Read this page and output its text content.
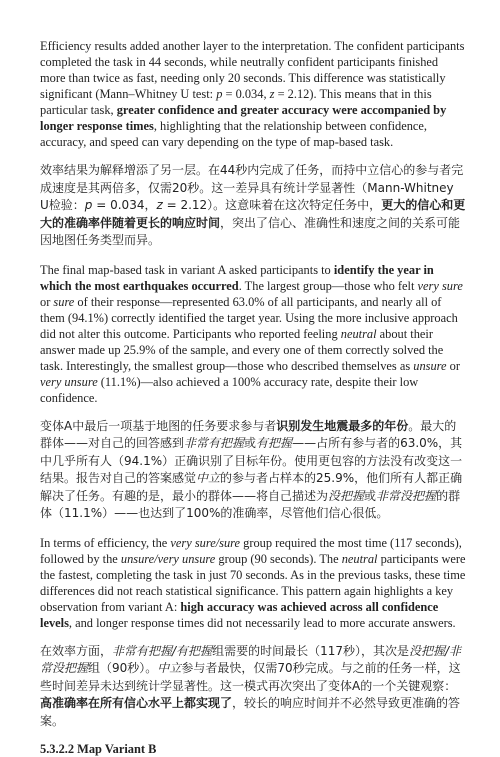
Efficiency results added another layer to the interpretation. The confident participants completed the task in 44 seconds, while neutrally confident participants finished more than twice as fast, needing only 20 seconds. This difference was statistically significant (Mann–Whitney U test: p = 0.034, z = 2.12). This means that in this particular task, greater confidence and greater accuracy were accompanied by longer response times, highlighting that the relationship between confidence, accuracy, and speed can vary depending on the type of map-based task.

效率结果为解释增添了另一层。在44秒内完成了任务，而持中立信心的参与者完成速度是其两倍多，仅需20秒。这一差异具有统计学显著性（Mann-Whitney U检验：p = 0.034，z = 2.12）。这意味着在这次特定任务中，更大的信心和更大的准确率伴随着更长的响应时间，突出了信心、准确性和速度之间的关系可能因地图任务类型而异。

The final map-based task in variant A asked participants to identify the year in which the most earthquakes occurred. The largest group—those who felt very sure or sure of their response—represented 63.0% of all participants, and nearly all of them (94.1%) correctly identified the target year. Using the more inclusive approach did not alter this outcome. Participants who reported feeling neutral about their answer made up 25.9% of the sample, and every one of them correctly solved the task. Interestingly, the smallest group—those who described themselves as unsure or very unsure (11.1%)—also achieved a 100% accuracy rate, despite their low confidence.

变体A中最后一项基于地图的任务要求参与者识别发生地震最多的年份。最大的群体——对自己的回答感到非常有把握或有把握——占所有参与者的63.0%，其中几乎所有人（94.1%）正确识别了目标年份。使用更包容的方法没有改变这一结果。报告对自己的答案感觉中立的参与者占样本的25.9%，他们所有人都正确解决了任务。有趣的是，最小的群体——将自己描述为没把握或非常没把握的群体（11.1%）——也达到了100%的准确率，尽管他们信心很低。

In terms of efficiency, the very sure/sure group required the most time (117 seconds), followed by the unsure/very unsure group (90 seconds). The neutral participants were the fastest, completing the task in just 70 seconds. As in the previous tasks, these time differences did not reach statistical significance. This pattern again highlights a key observation from variant A: high accuracy was achieved across all confidence levels, and longer response times did not necessarily lead to more accurate answers.

在效率方面，非常有把握/有把握组需要的时间最长（117秒），其次是没把握/非常没把握组（90秒）。中立参与者最快，仅需70秒完成。与之前的任务一样，这些时间差异未达到统计学显著性。这一模式再次突出了变体A的一个关键观察：高准确率在所有信心水平上都实现了，较长的响应时间并不必然导致更准确的答案。

5.3.2.2 Map Variant B
